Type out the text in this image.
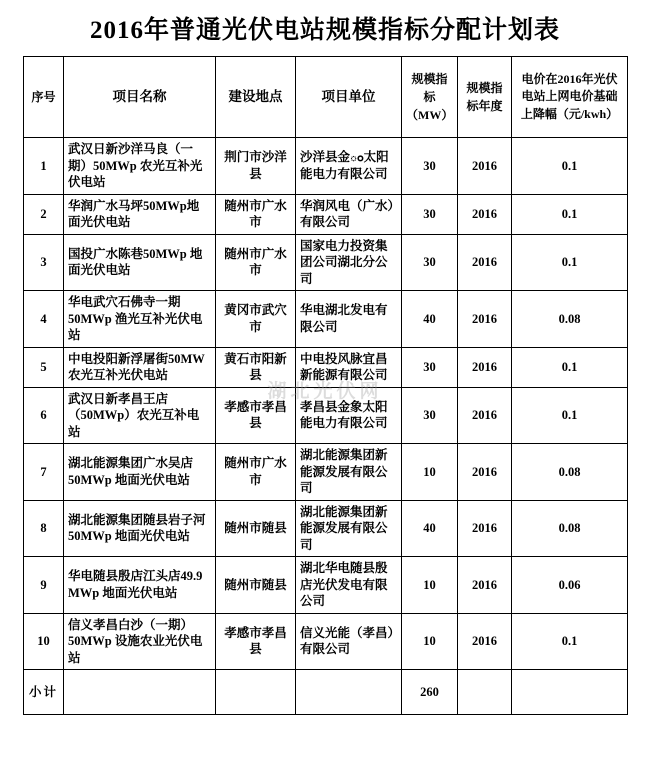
2016年普通光伏电站规模指标分配计划表
湖北光伏网
序号	项目名称	建设地点	项目单位	规模指标（MW）	规模指标年度	电价在2016年光伏电站上网电价基础上降幅（元/kwh）
1	武汉日新沙洋马良（一期）50MWp 农光互补光伏电站	荆门市沙洋县	沙洋县金ం太阳能电力有限公司	30	2016	0.1
2	华润广水马坪50MWp地面光伏电站	随州市广水市	华润风电（广水）有限公司	30	2016	0.1
3	国投广水陈巷50MWp 地面光伏电站	随州市广水市	国家电力投资集团公司湖北分公司	30	2016	0.1
4	华电武穴石佛寺一期50MWp 渔光互补光伏电站	黄冈市武穴市	华电湖北发电有限公司	40	2016	0.08
5	中电投阳新浮屠街50MW 农光互补光伏电站	黄石市阳新县	中电投风脉宜昌新能源有限公司	30	2016	0.1
6	武汉日新孝昌王店（50MWp）农光互补电站	孝感市孝昌县	孝昌县金象太阳能电力有限公司	30	2016	0.1
7	湖北能源集团广水吴店50MWp 地面光伏电站	随州市广水市	湖北能源集团新能源发展有限公司	10	2016	0.08
8	湖北能源集团随县岩子河50MWp 地面光伏电站	随州市随县	湖北能源集团新能源发展有限公司	40	2016	0.08
9	华电随县殷店江头店49.9 MWp 地面光伏电站	随州市随县	湖北华电随县殷店光伏发电有限公司	10	2016	0.06
10	信义孝昌白沙（一期）50MWp 设施农业光伏电站	孝感市孝昌县	信义光能（孝昌）有限公司	10	2016	0.1
小计				260		
